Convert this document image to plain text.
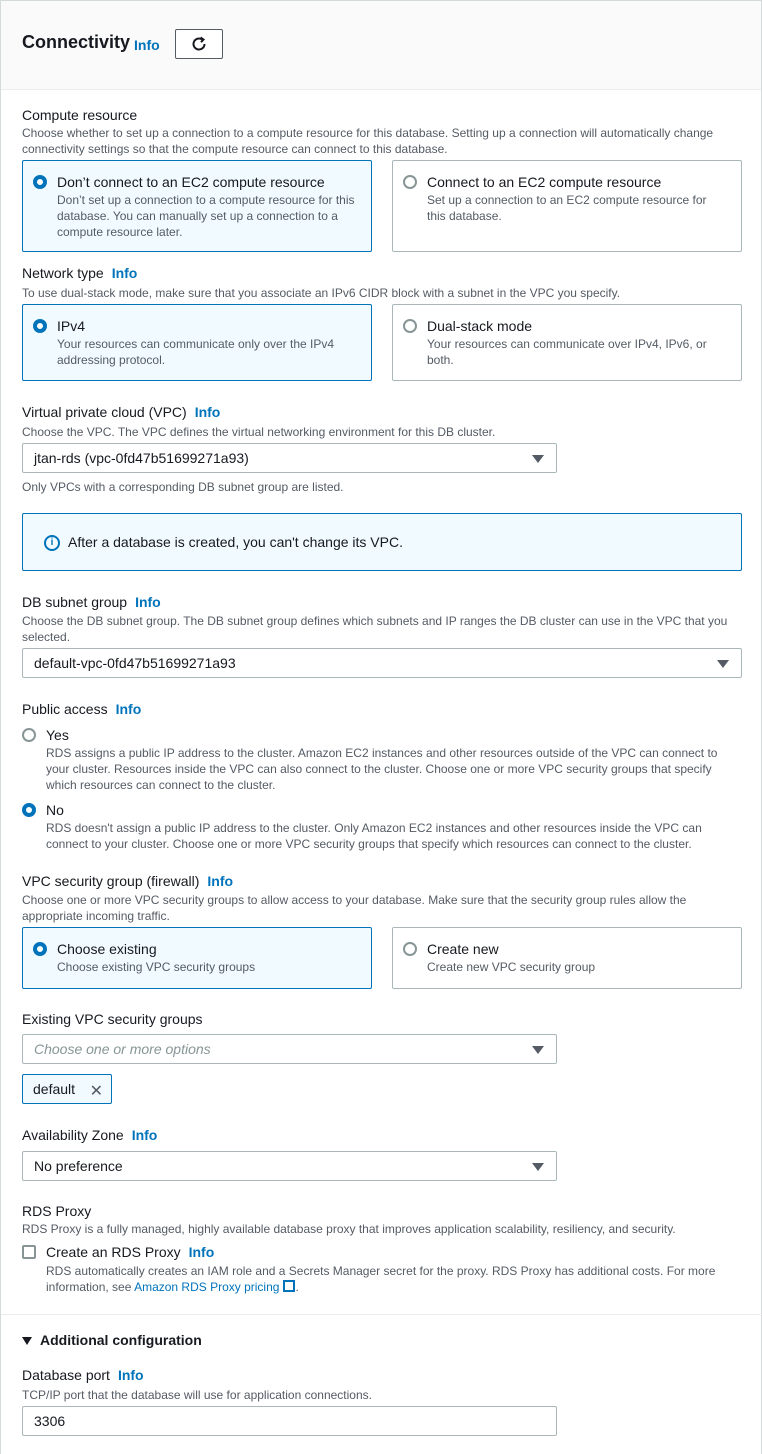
Connectivity Info
Compute resource
Choose whether to set up a connection to a compute resource for this database. Setting up a connection will automatically change connectivity settings so that the compute resource can connect to this database.
Don’t connect to an EC2 compute resource
Don’t set up a connection to a compute resource for this database. You can manually set up a connection to a compute resource later.
Connect to an EC2 compute resource
Set up a connection to an EC2 compute resource for this database.
Network type Info
To use dual-stack mode, make sure that you associate an IPv6 CIDR block with a subnet in the VPC you specify.
IPv4
Your resources can communicate only over the IPv4 addressing protocol.
Dual-stack mode
Your resources can communicate over IPv4, IPv6, or both.
Virtual private cloud (VPC) Info
Choose the VPC. The VPC defines the virtual networking environment for this DB cluster.
jtan-rds (vpc-0fd47b51699271a93)
Only VPCs with a corresponding DB subnet group are listed.
i	After a database is created, you can't change its VPC.
DB subnet group Info
Choose the DB subnet group. The DB subnet group defines which subnets and IP ranges the DB cluster can use in the VPC that you selected.
default-vpc-0fd47b51699271a93
Public access Info
Yes
RDS assigns a public IP address to the cluster. Amazon EC2 instances and other resources outside of the VPC can connect to your cluster. Resources inside the VPC can also connect to the cluster. Choose one or more VPC security groups that specify which resources can connect to the cluster.
No
RDS doesn't assign a public IP address to the cluster. Only Amazon EC2 instances and other resources inside the VPC can connect to your cluster. Choose one or more VPC security groups that specify which resources can connect to the cluster.
VPC security group (firewall) Info
Choose one or more VPC security groups to allow access to your database. Make sure that the security group rules allow the appropriate incoming traffic.
Choose existing
Choose existing VPC security groups
Create new
Create new VPC security group
Existing VPC security groups
Choose one or more options
default ✕
Availability Zone Info
No preference
RDS Proxy
RDS Proxy is a fully managed, highly available database proxy that improves application scalability, resiliency, and security.
Create an RDS Proxy Info
RDS automatically creates an IAM role and a Secrets Manager secret for the proxy. RDS Proxy has additional costs. For more information, see Amazon RDS Proxy pricing .
Additional configuration
Database port Info
TCP/IP port that the database will use for application connections.
3306
